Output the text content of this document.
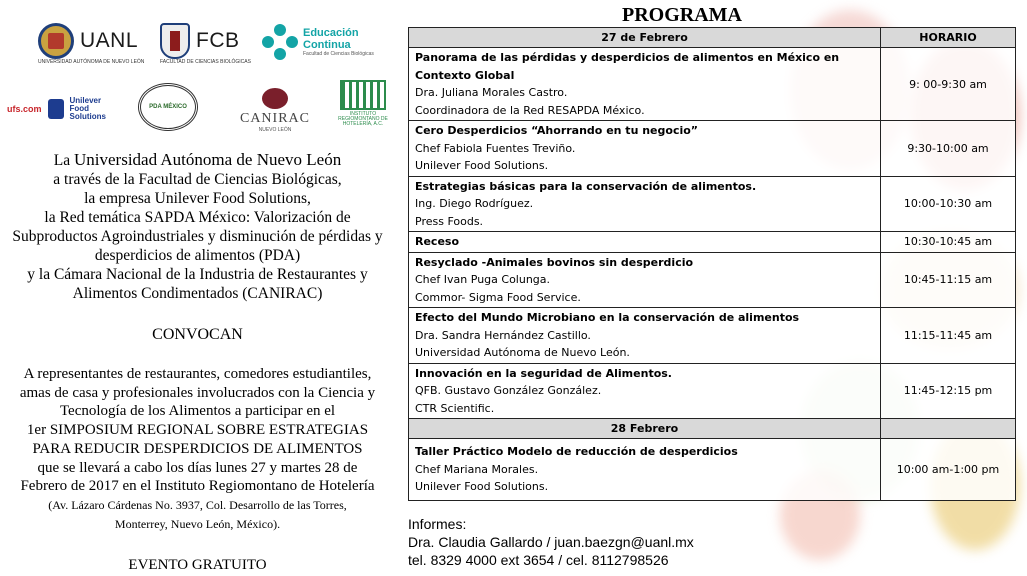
UANL
UNIVERSIDAD AUTÓNOMA DE NUEVO LEÓN
FCB
FACULTAD DE CIENCIAS BIOLÓGICAS
Educación
Continua
Facultad de Ciencias Biológicas
ufs.com
Unilever
Food
Solutions
PDA MÉXICO
CANIRAC
NUEVO LEÓN
INSTITUTO REGIOMONTANO DE HOTELERÍA, A.C.
La Universidad Autónoma de Nuevo León
a través de la Facultad de Ciencias Biológicas,
la empresa Unilever Food Solutions,
la Red temática SAPDA México: Valorización de
Subproductos Agroindustriales y disminución de pérdidas y
desperdicios de alimentos (PDA)
y la Cámara Nacional de la Industria de Restaurantes y
Alimentos Condimentados (CANIRAC)
CONVOCAN
A representantes de restaurantes, comedores estudiantiles,
amas de casa y profesionales involucrados con la Ciencia y
Tecnología de los Alimentos a participar en el
1er SIMPOSIUM REGIONAL SOBRE ESTRATEGIAS
PARA REDUCIR DESPERDICIOS DE ALIMENTOS
que se llevará a cabo los días lunes 27 y martes 28 de
Febrero de 2017 en el Instituto Regiomontano de Hotelería
(Av. Lázaro Cárdenas No. 3937, Col. Desarrollo de las Torres,
Monterrey, Nuevo León, México).
EVENTO GRATUITO
PROGRAMA
27 de Febrero	HORARIO

Panorama de las pérdidas y desperdicios de alimentos en México en Contexto Global
Dra. Juliana Morales Castro.
Coordinadora de la Red RESAPDA México.	9: 00-9:30 am

Cero Desperdicios “Ahorrando en tu negocio”
Chef Fabiola Fuentes Treviño.
Unilever Food Solutions.	9:30-10:00 am

Estrategias básicas para la conservación de alimentos.
Ing. Diego Rodríguez.
Press Foods.	10:00-10:30 am

Receso	10:30-10:45 am

Resyclado -Animales bovinos sin desperdicio
Chef Ivan Puga Colunga.
Commor- Sigma Food Service.	10:45-11:15 am

Efecto del Mundo Microbiano en la conservación de alimentos
Dra. Sandra Hernández Castillo.
Universidad Autónoma de Nuevo León.	11:15-11:45 am

Innovación en la seguridad de Alimentos.
QFB. Gustavo González González.
CTR Scientific.	11:45-12:15 pm
28 Febrero	

Taller Práctico Modelo de reducción de desperdicios
Chef Mariana Morales.
Unilever Food Solutions.	10:00 am-1:00 pm
Informes:
Dra. Claudia Gallardo / juan.baezgn@uanl.mx
tel. 8329 4000 ext 3654 / cel. 8112798526
